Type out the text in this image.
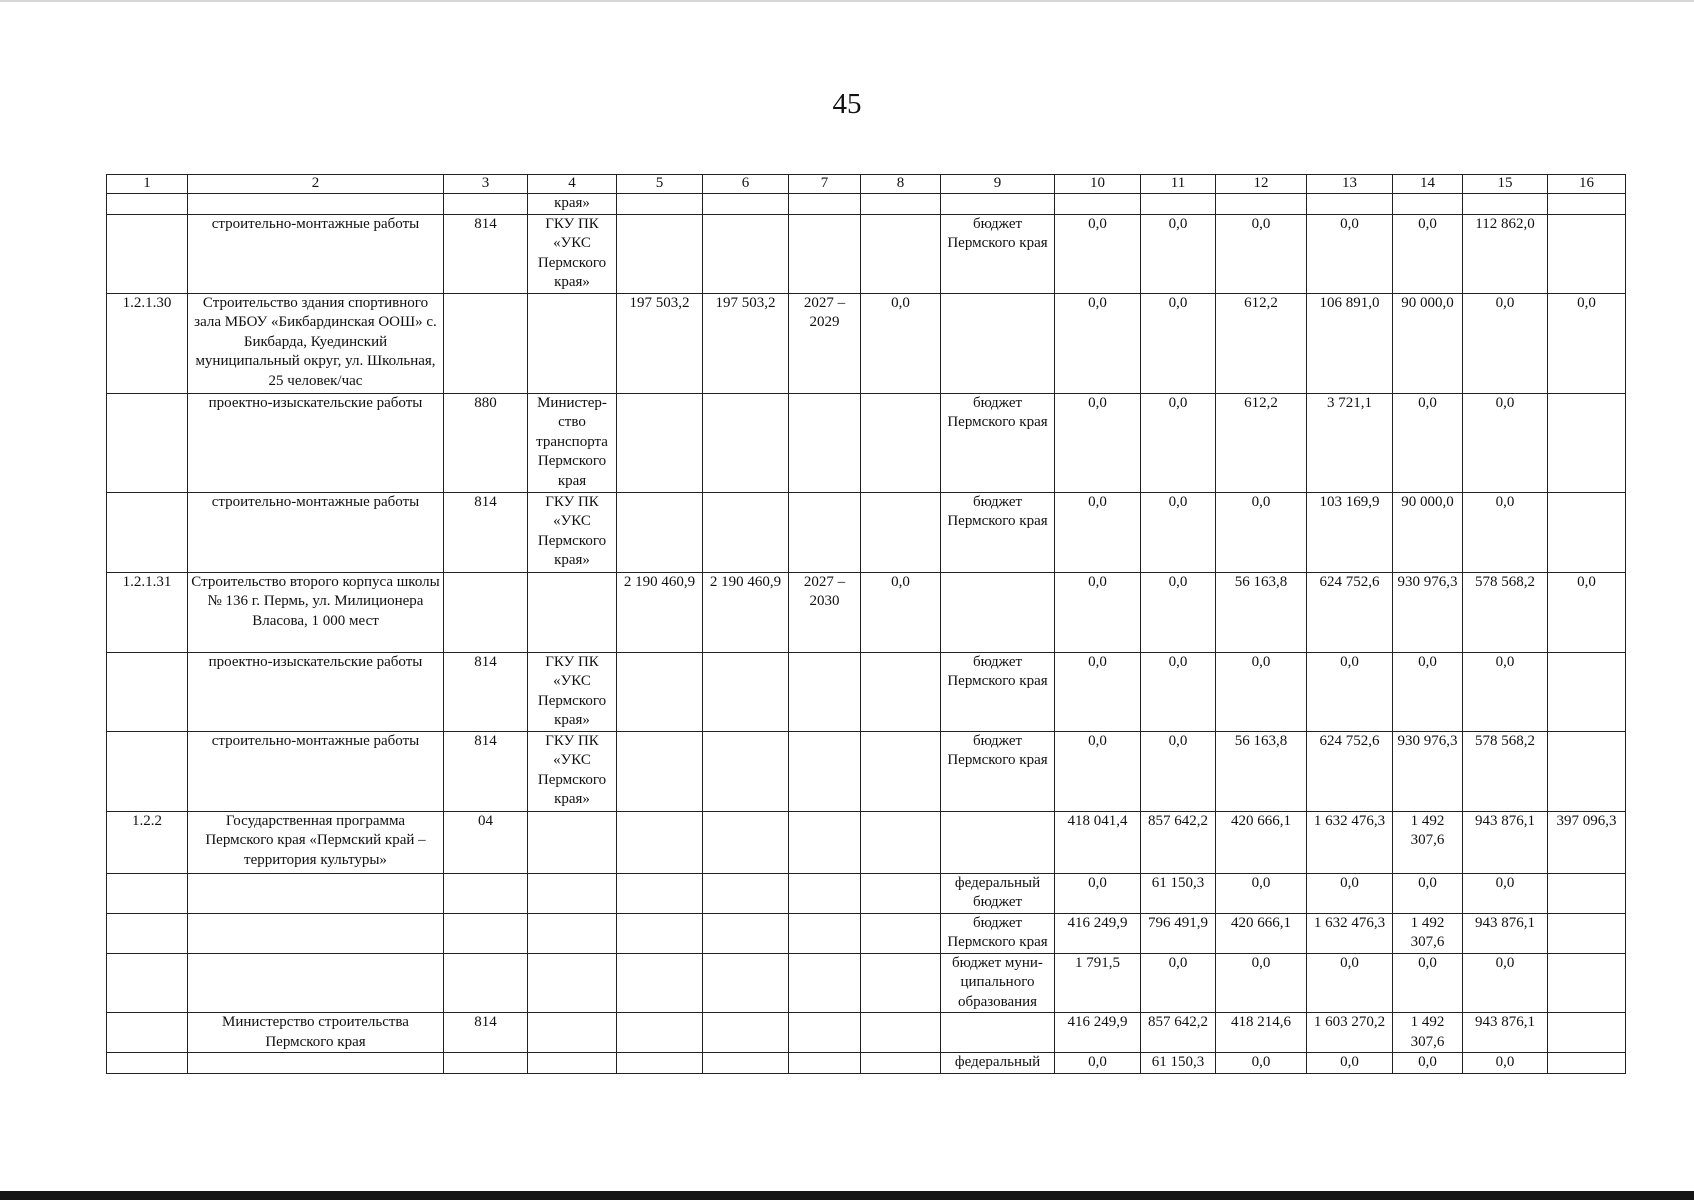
45
1	2	3	4	5	6	7	8	9	10	11	12	13	14	15	16
			края»												
	строительно-монтажные работы	814	ГКУ ПК «УКС Пермского края»					бюджет Пермского края	0,0	0,0	0,0	0,0	0,0	112 862,0	
1.2.1.30	Строительство здания спортивного зала МБОУ «Бикбардинская ООШ» с. Бикбарда, Куединский муниципальный округ, ул. Школьная, 25 человек/час			197 503,2	197 503,2	2027 – 2029	0,0		0,0	0,0	612,2	106 891,0	90 000,0	0,0	0,0
	проектно-изыскательские работы	880	Министер-ство транспорта Пермского края					бюджет Пермского края	0,0	0,0	612,2	3 721,1	0,0	0,0	
	строительно-монтажные работы	814	ГКУ ПК «УКС Пермского края»					бюджет Пермского края	0,0	0,0	0,0	103 169,9	90 000,0	0,0	
1.2.1.31	Строительство второго корпуса школы № 136 г. Пермь, ул. Милиционера Власова, 1 000 мест			2 190 460,9	2 190 460,9	2027 – 2030	0,0		0,0	0,0	56 163,8	624 752,6	930 976,3	578 568,2	0,0
	проектно-изыскательские работы	814	ГКУ ПК «УКС Пермского края»					бюджет Пермского края	0,0	0,0	0,0	0,0	0,0	0,0	
	строительно-монтажные работы	814	ГКУ ПК «УКС Пермского края»					бюджет Пермского края	0,0	0,0	56 163,8	624 752,6	930 976,3	578 568,2	
1.2.2	Государственная программа Пермского края «Пермский край – территория культуры»	04							418 041,4	857 642,2	420 666,1	1 632 476,3	1 492 307,6	943 876,1	397 096,3
								федеральный бюджет	0,0	61 150,3	0,0	0,0	0,0	0,0	
								бюджет Пермского края	416 249,9	796 491,9	420 666,1	1 632 476,3	1 492 307,6	943 876,1	
								бюджет муни-ципального образования	1 791,5	0,0	0,0	0,0	0,0	0,0	
	Министерство строительства Пермского края	814							416 249,9	857 642,2	418 214,6	1 603 270,2	1 492 307,6	943 876,1	
								федеральный	0,0	61 150,3	0,0	0,0	0,0	0,0	
